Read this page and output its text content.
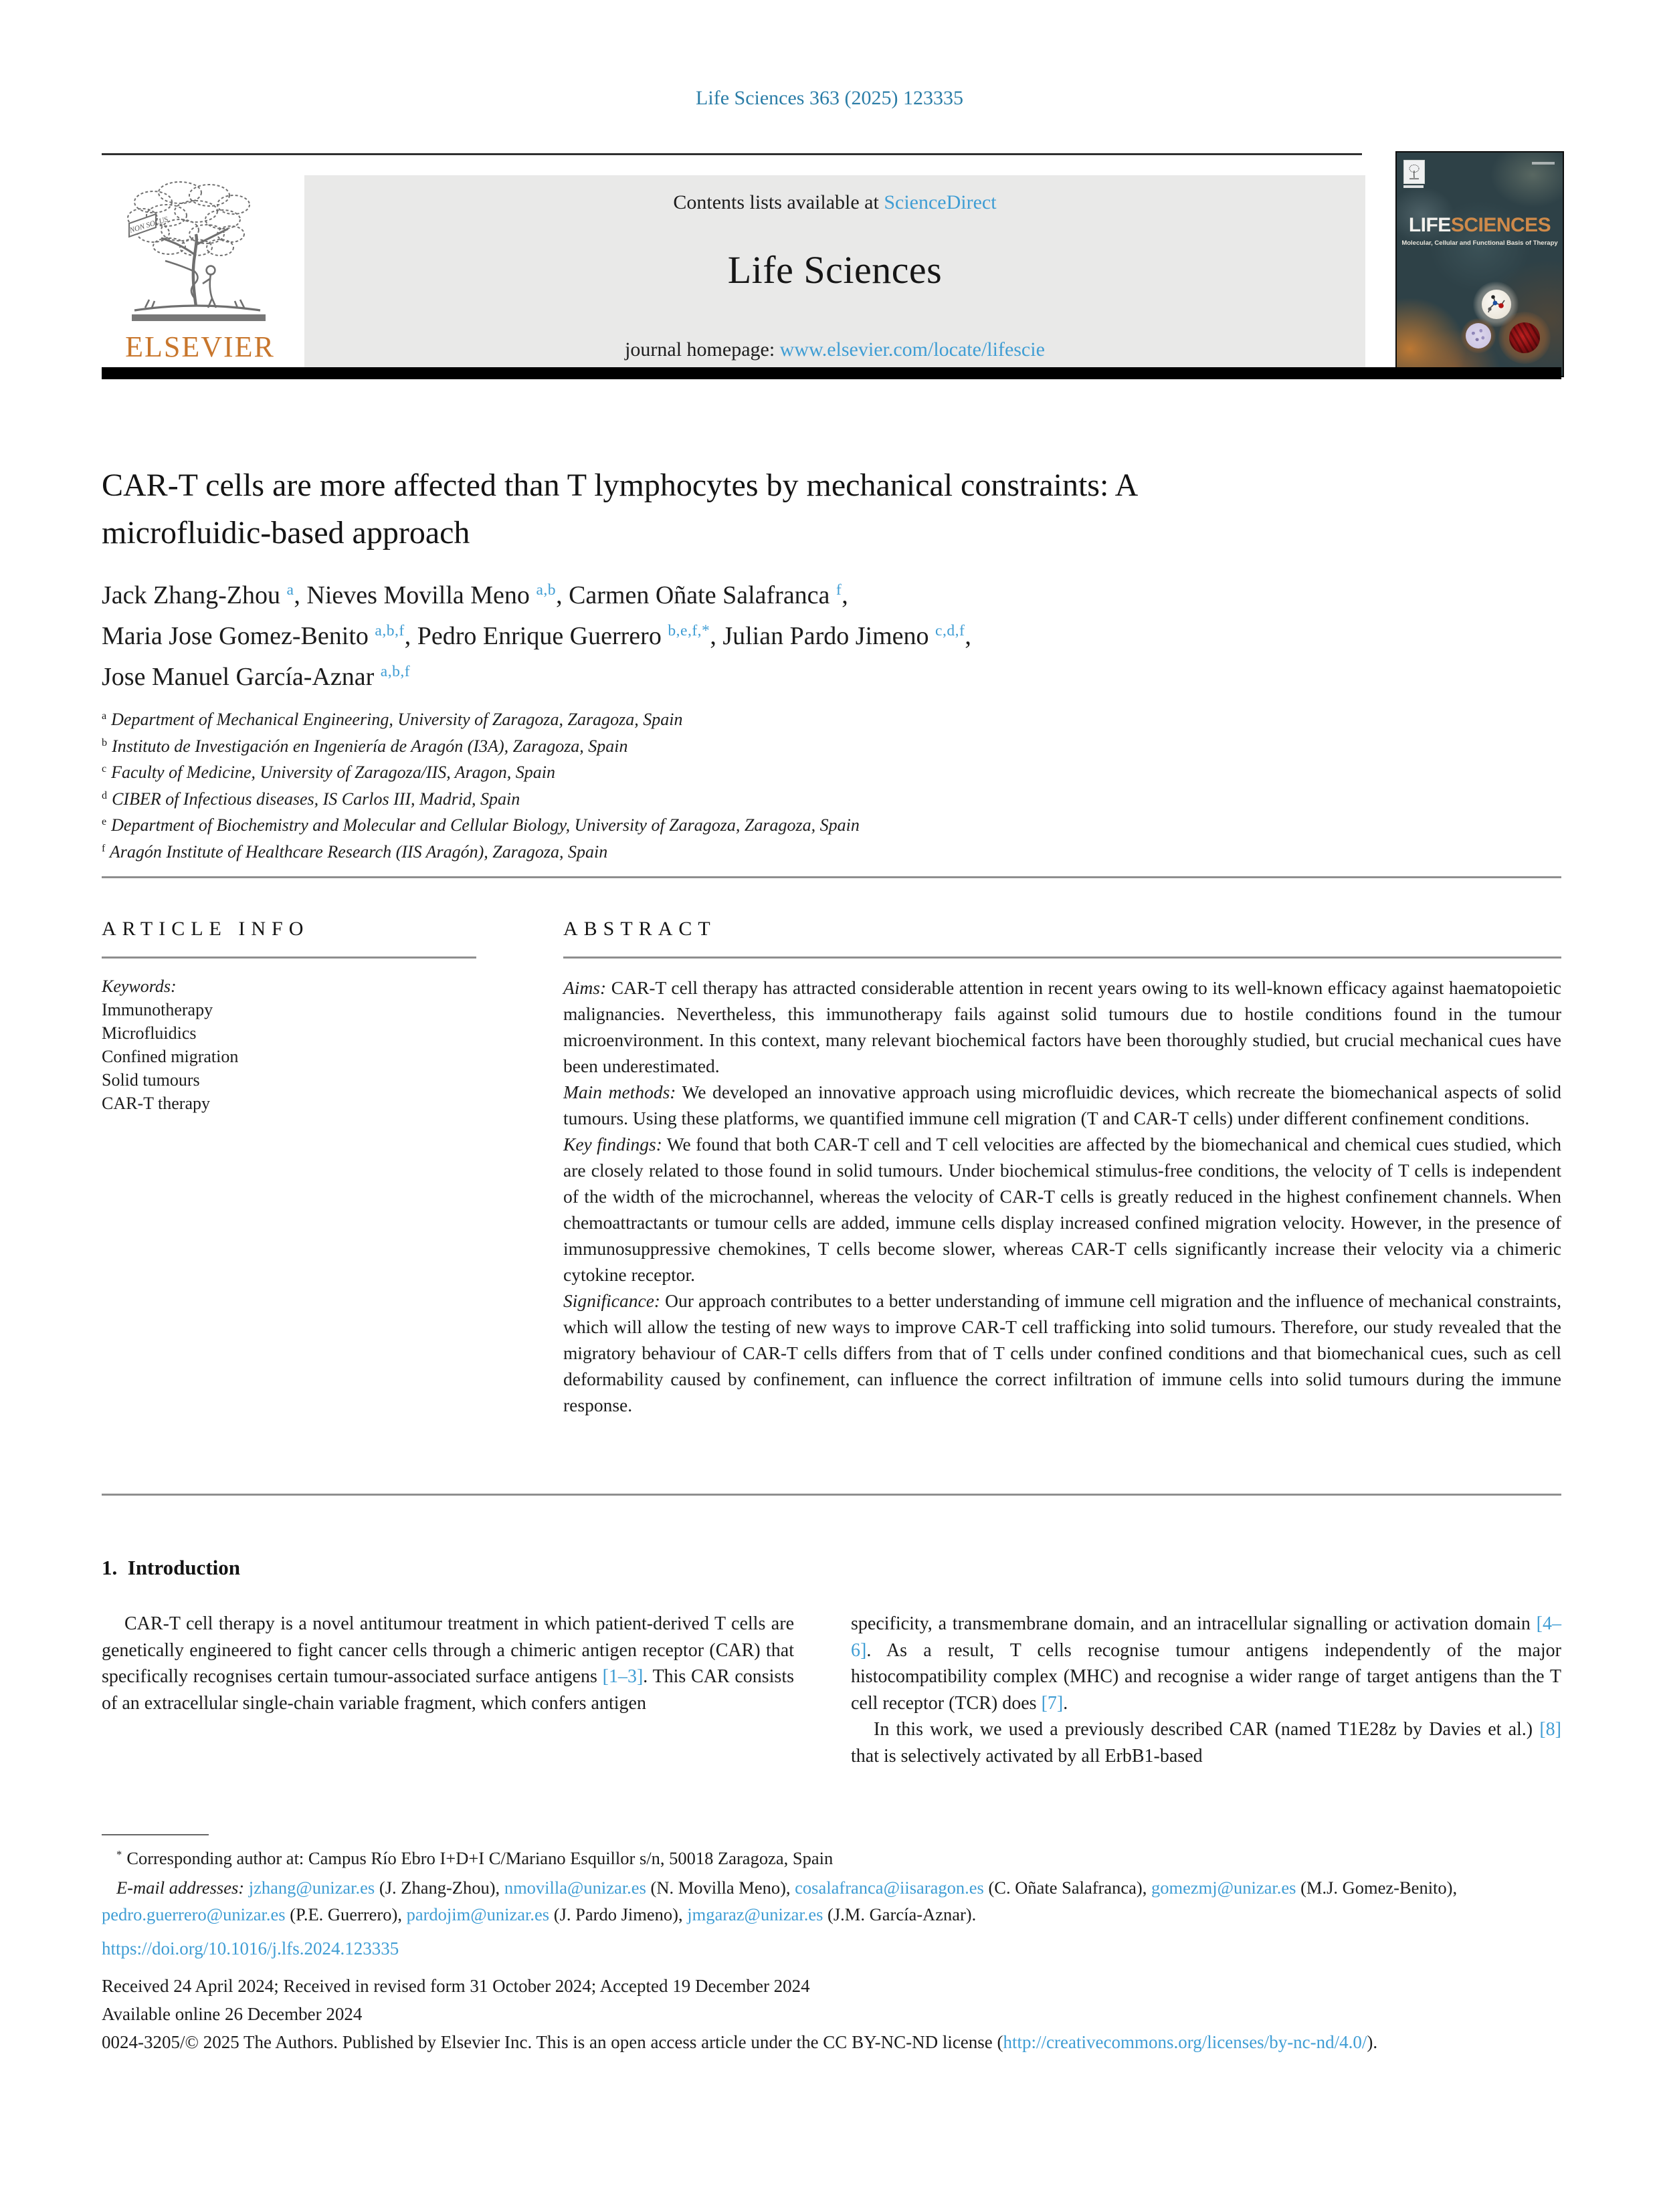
Life Sciences 363 (2025) 123335
NON SOLUS
ELSEVIER
Contents lists available at ScienceDirect
Life Sciences
journal homepage: www.elsevier.com/locate/lifescie
LIFESCIENCES
Molecular, Cellular and Functional Basis of Therapy
CAR-T cells are more affected than T lymphocytes by mechanical constraints: A microfluidic-based approach
Jack Zhang-Zhou $^a$, Nieves Movilla Meno $^{a,b}$, Carmen Oñate Salafranca $^f$,
Maria Jose Gomez-Benito $^{a,b,f}$, Pedro Enrique Guerrero $^{b,e,f,*}$, Julian Pardo Jimeno $^{c,d,f}$,
Jose Manuel García-Aznar $^{a,b,f}$
$^a$ Department of Mechanical Engineering, University of Zaragoza, Zaragoza, Spain
$^b$ Instituto de Investigación en Ingeniería de Aragón (I3A), Zaragoza, Spain
$^c$ Faculty of Medicine, University of Zaragoza/IIS, Aragon, Spain
$^d$ CIBER of Infectious diseases, IS Carlos III, Madrid, Spain
$^e$ Department of Biochemistry and Molecular and Cellular Biology, University of Zaragoza, Zaragoza, Spain
$^f$ Aragón Institute of Healthcare Research (IIS Aragón), Zaragoza, Spain
ARTICLE INFO
Keywords:
Immunotherapy
Microfluidics
Confined migration
Solid tumours
CAR-T therapy
ABSTRACT

Aims: CAR-T cell therapy has attracted considerable attention in recent years owing to its well-known efficacy against haematopoietic malignancies. Nevertheless, this immunotherapy fails against solid tumours due to hostile conditions found in the tumour microenvironment. In this context, many relevant biochemical factors have been thoroughly studied, but crucial mechanical cues have been underestimated.

Main methods: We developed an innovative approach using microfluidic devices, which recreate the biomechanical aspects of solid tumours. Using these platforms, we quantified immune cell migration (T and CAR-T cells) under different confinement conditions.

Key findings: We found that both CAR-T cell and T cell velocities are affected by the biomechanical and chemical cues studied, which are closely related to those found in solid tumours. Under biochemical stimulus-free conditions, the velocity of T cells is independent of the width of the microchannel, whereas the velocity of CAR-T cells is greatly reduced in the highest confinement channels. When chemoattractants or tumour cells are added, immune cells display increased confined migration velocity. However, in the presence of immunosuppressive chemokines, T cells become slower, whereas CAR-T cells significantly increase their velocity via a chimeric cytokine receptor.

Significance: Our approach contributes to a better understanding of immune cell migration and the influence of mechanical constraints, which will allow the testing of new ways to improve CAR-T cell trafficking into solid tumours. Therefore, our study revealed that the migratory behaviour of CAR-T cells differs from that of T cells under confined conditions and that biomechanical cues, such as cell deformability caused by confinement, can influence the correct infiltration of immune cells into solid tumours during the immune response.

1.  Introduction

CAR-T cell therapy is a novel antitumour treatment in which patient-derived T cells are genetically engineered to fight cancer cells through a chimeric antigen receptor (CAR) that specifically recognises certain tumour-associated surface antigens [1–3]. This CAR consists of an extracellular single-chain variable fragment, which confers antigen

specificity, a transmembrane domain, and an intracellular signalling or activation domain [4–6]. As a result, T cells recognise tumour antigens independently of the major histocompatibility complex (MHC) and recognise a wider range of target antigens than the T cell receptor (TCR) does [7].

In this work, we used a previously described CAR (named T1E28z by Davies et al.) [8] that is selectively activated by all ErbB1-based

* Corresponding author at: Campus Río Ebro I+D+I C/Mariano Esquillor s/n, 50018 Zaragoza, Spain

E-mail addresses: jzhang@unizar.es (J. Zhang-Zhou), nmovilla@unizar.es (N. Movilla Meno), cosalafranca@iisaragon.es (C. Oñate Salafranca), gomezmj@unizar.es (M.J. Gomez-Benito), pedro.guerrero@unizar.es (P.E. Guerrero), pardojim@unizar.es (J. Pardo Jimeno), jmgaraz@unizar.es (J.M. García-Aznar).

https://doi.org/10.1016/j.lfs.2024.123335
Received 24 April 2024; Received in revised form 31 October 2024; Accepted 19 December 2024
Available online 26 December 2024
0024-3205/© 2025 The Authors. Published by Elsevier Inc. This is an open access article under the CC BY-NC-ND license (http://creativecommons.org/licenses/by-nc-nd/4.0/).
